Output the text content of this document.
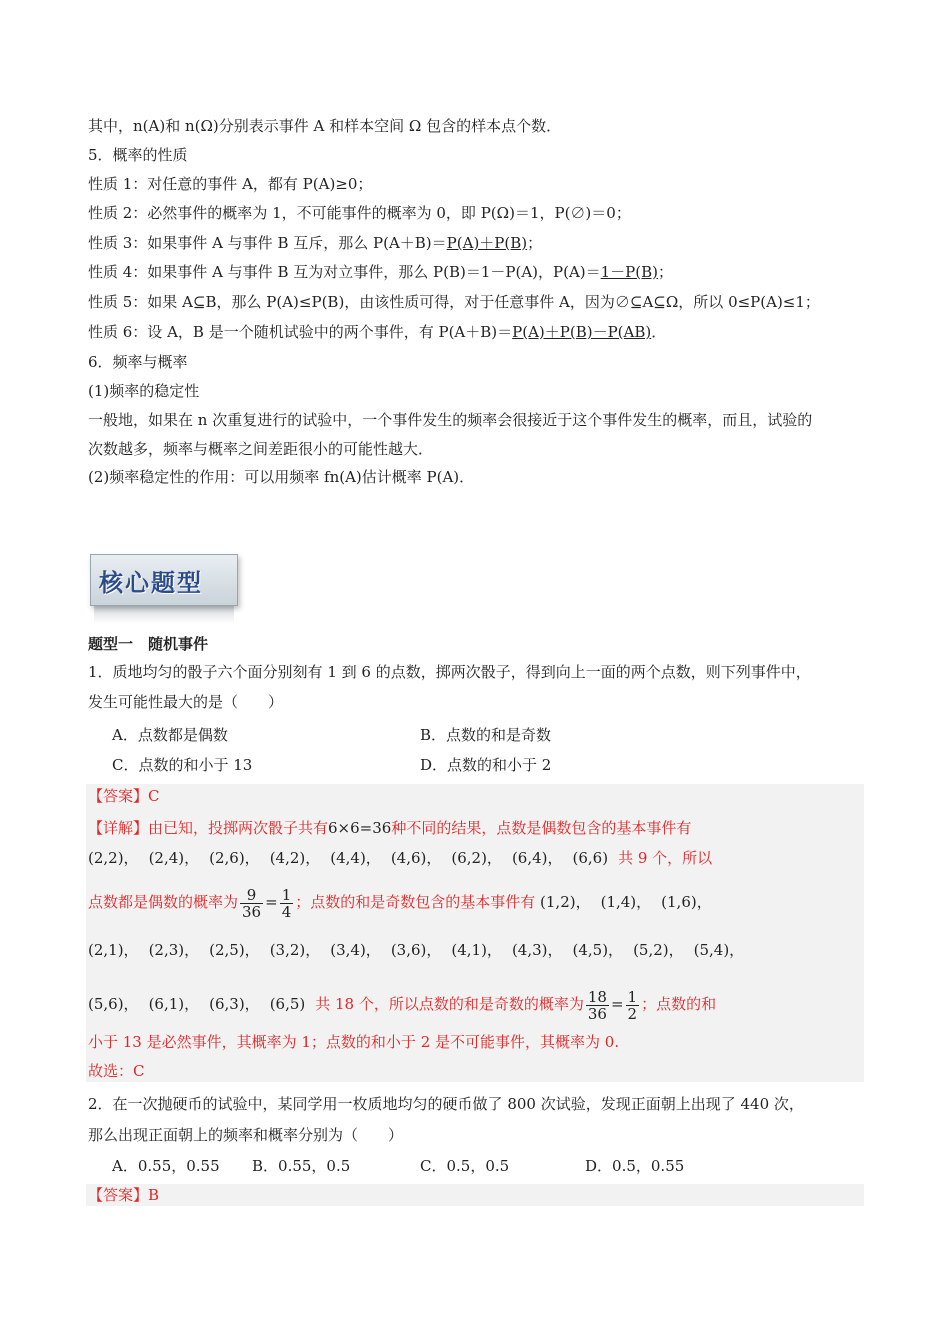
其中，n(A)和 n(Ω)分别表示事件 A 和样本空间 Ω 包含的样本点个数．
5．概率的性质
性质 1：对任意的事件 A，都有 P(A)≥0；
性质 2：必然事件的概率为 1，不可能事件的概率为 0，即 P(Ω)＝1，P(∅)＝0；
性质 3：如果事件 A 与事件 B 互斥，那么 P(A＋B)＝P(A)＋P(B)；
性质 4：如果事件 A 与事件 B 互为对立事件，那么 P(B)＝1－P(A)，P(A)＝1－P(B)；
性质 5：如果 A⊆B，那么 P(A)≤P(B)，由该性质可得，对于任意事件 A，因为∅⊆A⊆Ω，所以 0≤P(A)≤1；
性质 6：设 A，B 是一个随机试验中的两个事件，有 P(A＋B)＝P(A)＋P(B)－P(AB)．
6．频率与概率
(1)频率的稳定性
一般地，如果在 n 次重复进行的试验中，一个事件发生的频率会很接近于这个事件发生的概率，而且，试验的
次数越多，频率与概率之间差距很小的可能性越大．
(2)频率稳定性的作用：可以用频率 fn(A)估计概率 P(A)．
核心题型
题型一　随机事件
1．质地均匀的骰子六个面分别刻有 1 到 6 的点数，掷两次骰子，得到向上一面的两个点数，则下列事件中，
发生可能性最大的是（　　）
A．点数都是偶数	B．点数的和是奇数
C．点数的和小于 13	D．点数的和小于 2
【答案】C
【详解】由已知，投掷两次骰子共有6×6=36种不同的结果，点数是偶数包含的基本事件有
(2,2)， (2,4)， (2,6)， (4,2)， (4,4)， (4,6)， (6,2)， (6,4)， (6,6) 共 9 个，所以
点数都是偶数的概率为 $\frac{9}{36} = \frac{1}{4}$ ；点数的和是奇数包含的基本事件有 (1,2)， (1,4)， (1,6)，
(2,1)， (2,3)， (2,5)， (3,2)， (3,4)， (3,6)， (4,1)， (4,3)， (4,5)， (5,2)， (5,4)，
(5,6)， (6,1)， (6,3)， (6,5) 共 18 个，所以点数的和是奇数的概率为 $\frac{18}{36} = \frac{1}{2}$ ；点数的和
小于 13 是必然事件，其概率为 1；点数的和小于 2 是不可能事件，其概率为 0.
故选：C
2．在一次抛硬币的试验中，某同学用一枚质地均匀的硬币做了 800 次试验，发现正面朝上出现了 440 次，
那么出现正面朝上的频率和概率分别为（　　）
A．0.55，0.55 B．0.55，0.5	C．0.5，0.5	D．0.5，0.55
【答案】B
